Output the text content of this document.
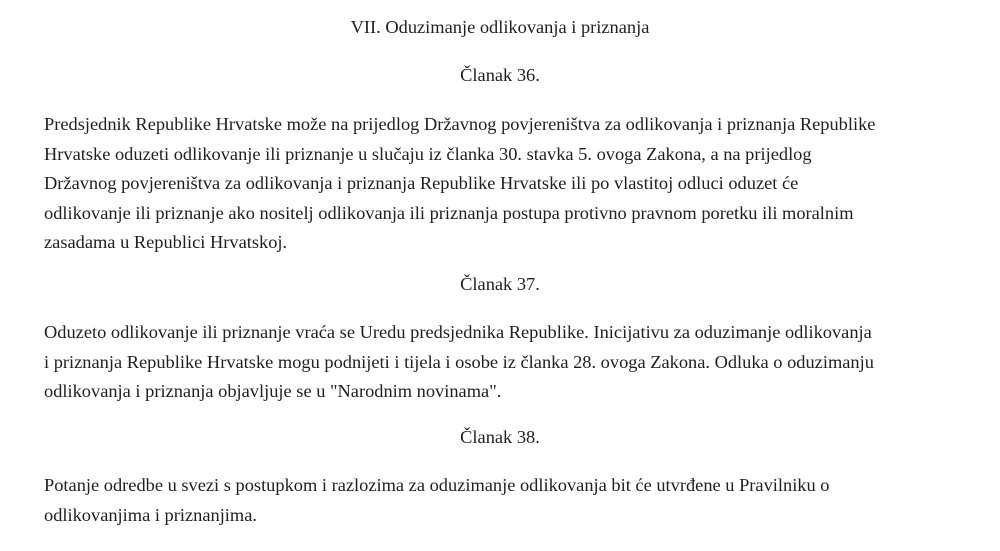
VII. Oduzimanje odlikovanja i priznanja
Članak 36.
Predsjednik Republike Hrvatske može na prijedlog Državnog povjereništva za odlikovanja i priznanja Republike
Hrvatske oduzeti odlikovanje ili priznanje u slučaju iz članka 30. stavka 5. ovoga Zakona, a na prijedlog
Državnog povjereništva za odlikovanja i priznanja Republike Hrvatske ili po vlastitoj odluci oduzet će
odlikovanje ili priznanje ako nositelj odlikovanja ili priznanja postupa protivno pravnom poretku ili moralnim
zasadama u Republici Hrvatskoj.
Članak 37.
Oduzeto odlikovanje ili priznanje vraća se Uredu predsjednika Republike. Inicijativu za oduzimanje odlikovanja
i priznanja Republike Hrvatske mogu podnijeti i tijela i osobe iz članka 28. ovoga Zakona. Odluka o oduzimanju
odlikovanja i priznanja objavljuje se u "Narodnim novinama".
Članak 38.
Potanje odredbe u svezi s postupkom i razlozima za oduzimanje odlikovanja bit će utvrđene u Pravilniku o
odlikovanjima i priznanjima.
